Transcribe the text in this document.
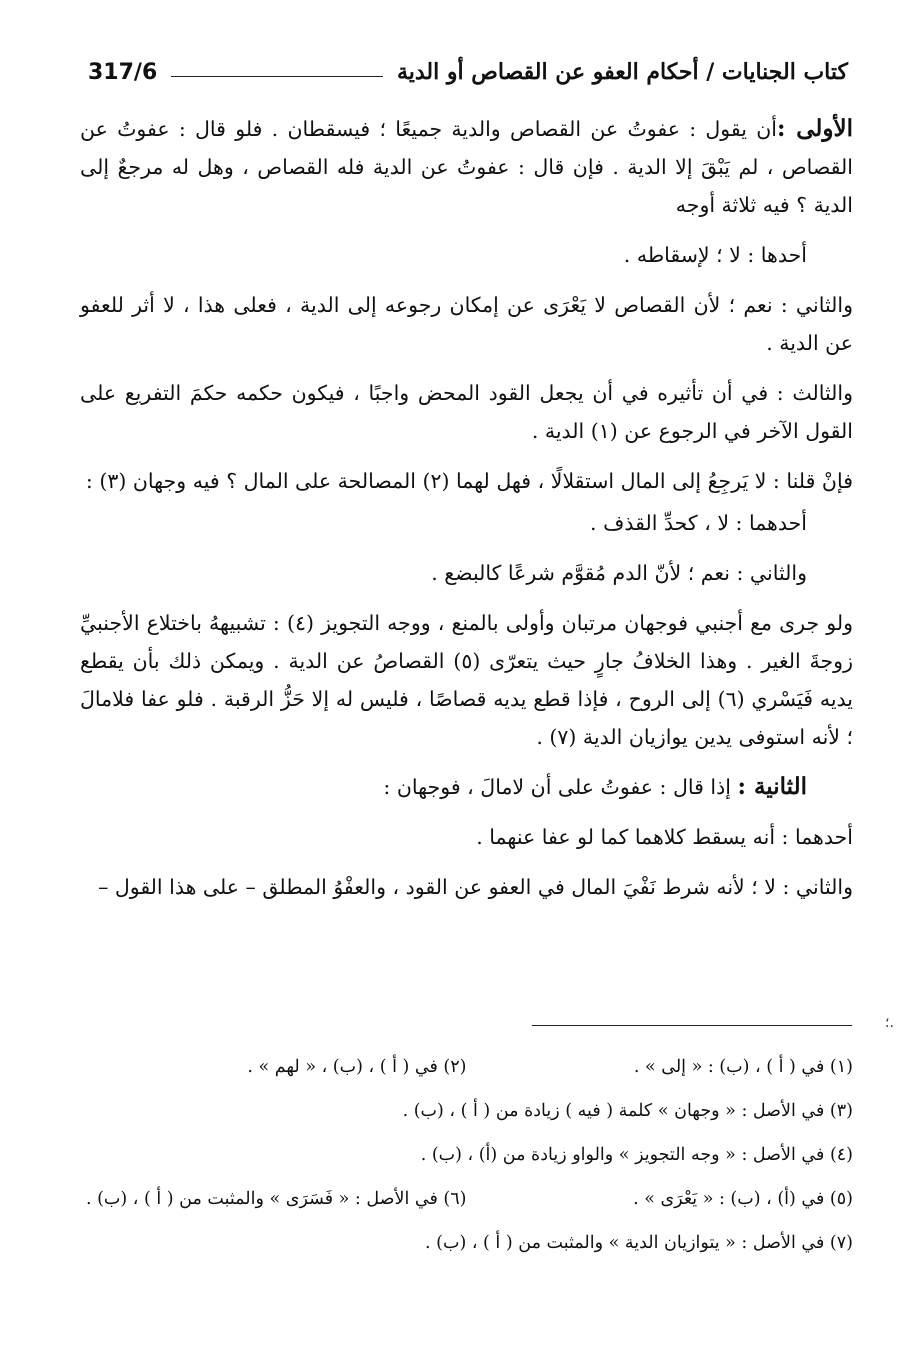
كتاب الجنايات / أحكام العفو عن القصاص أو الدية
317/6

الأولى :أن يقول : عفوتُ عن القصاص والدية جميعًا ؛ فيسقطان . فلو قال : عفوتُ عن القصاص ، لم يَبْقَ إلا الدية . فإن قال : عفوتُ عن الدية فله القصاص ، وهل له مرجعٌ إلى الدية ؟ فيه ثلاثة أوجه

أحدها : لا ؛ لإسقاطه .

والثاني : نعم ؛ لأن القصاص لا يَعْرَى عن إمكان رجوعه إلى الدية ، فعلى هذا ، لا أثر للعفو عن الدية .

والثالث : في أن تأثيره في أن يجعل القود المحض واجبًا ، فيكون حكمه حكمَ التفريع على القول الآخر في الرجوع عن (١) الدية .

فإنْ قلنا : لا يَرجِعُ إلى المال استقلالًا ، فهل لهما (٢) المصالحة على المال ؟ فيه وجهان (٣) :

أحدهما : لا ، كحدِّ القذف .

والثاني : نعم ؛ لأنّ الدم مُقوَّم شرعًا كالبضع .

ولو جرى مع أجنبي فوجهان مرتبان وأولى بالمنع ، ووجه التجويز (٤) : تشبيههُ باختلاع الأجنبيِّ زوجةَ الغير . وهذا الخلافُ جارٍ حيث يتعرّى (٥) القصاصُ عن الدية . ويمكن ذلك بأن يقطع يديه فَيَسْري (٦) إلى الروح ، فإذا قطع يديه قصاصًا ، فليس له إلا حَزُّ الرقبة . فلو عفا فلامالَ ؛ لأنه استوفى يدين يوازيان الدية (٧) .

الثانية : إذا قال : عفوتُ على أن لامالَ ، فوجهان :

أحدهما : أنه يسقط كلاهما كما لو عفا عنهما .

والثاني : لا ؛ لأنه شرط نَفْيَ المال في العفو عن القود ، والعفْوُ المطلق – على هذا القول –

؛.
(١) في ( أ ) ، (ب) : « إلى » .
(٢) في ( أ ) ، (ب) ، « لهم » .
(٣) في الأصل : « وجهان » كلمة ( فيه ) زيادة من ( أ ) ، (ب) .
(٤) في الأصل : « وجه التجويز » والواو زيادة من (أ) ، (ب) .
(٥) في (أ) ، (ب) : « يَعْرَى » .
(٦) في الأصل : « فَسَرَى » والمثبت من ( أ ) ، (ب) .
(٧) في الأصل : « يتوازيان الدية » والمثبت من ( أ ) ، (ب) .
